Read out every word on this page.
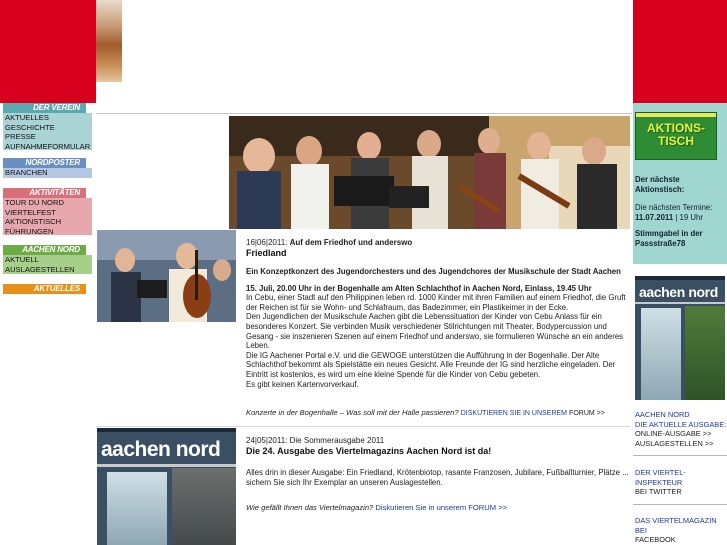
DER VEREIN
AKTUELLES
GESCHICHTE
PRESSE
AUFNAHMEFORMULAR
NORDPOSTER
BRANCHEN
AKTIVITÄTEN
TOUR DU NORD
VIERTELFEST
AKTIONSTISCH
FÜHRUNGEN
AACHEN NORD
AKTUELL
AUSLAGESTELLEN
AKTUELLES
16|06|2011: Auf dem Friedhof und anderswo
Friedland

Ein Konzeptkonzert des Jugendorchesters und des Jugendchores der Musikschule der Stadt Aachen

15. Juli, 20.00 Uhr in der Bogenhalle am Alten Schlachthof in Aachen Nord, Einlass, 19.45 Uhr

In Cebu, einer Stadt auf den Philippinen leben rd. 1000 Kinder mit ihren Familien auf einem Friedhof, die Gruft der Reichen ist für sie Wohn- und Schlafraum, das Badezimmer, ein Plastikeimer in der Ecke.

Den Jugendlichen der Musikschule Aachen gibt die Lebenssituation der Kinder von Cebu Anlass für ein besonderes Konzert. Sie verbinden Musik verschiedener Stilrichtungen mit Theater, Bodypercussion und Gesang - sie inszenieren Szenen auf einem Friedhof und anderswo, sie formulieren Wünsche an ein anderes Leben.

Die IG Aachener Portal e.V. und die GEWOGE unterstützen die Aufführung in der Bogenhalle. Der Alte Schlachthof bekommt als Spielstätte ein neues Gesicht. Alle Freunde der IG sind herzliche eingeladen. Der Eintritt ist kostenlos, es wird um eine kleine Spende für die Kinder von Cebu gebeten.

Es gibt keinen Kartenvorverkauf.

Konzerte in der Bogenhalle – Was soll mit der Halle passieren? DISKUTIEREN SIE IN UNSEREM FORUM >>
aachen nord	24|05|2011: Die Sommerausgabe 2011
Die 24. Ausgabe des Viertelmagazins Aachen Nord ist da!

Alles drin in dieser Ausgabe: Ein Friedland, Krötenbiotop, rasante Franzosen, Jubilare, Fußballturnier, Plätze ... sichern Sie sich Ihr Exemplar an unseren Auslagestellen.

Wie gefällt Ihnen das Viertelmagazin? Diskutieren Sie in unserem FORUM >>
AKTIONS-TISCH
Der nächste Aktionstisch:
Die nächsten Termine:
11.07.2011 | 19 Uhr
Stimmgabel in der Passstraße78
aachen nord
AACHEN NORD
DIE AKTUELLE AUSGABE:
ONLINE-AUSGABE >>
AUSLAGESTELLEN >>
DER VIERTEL-INSPEKTEUR
BEI TWITTER
DAS VIERTELMAGAZIN BEI
FACEBOOK
